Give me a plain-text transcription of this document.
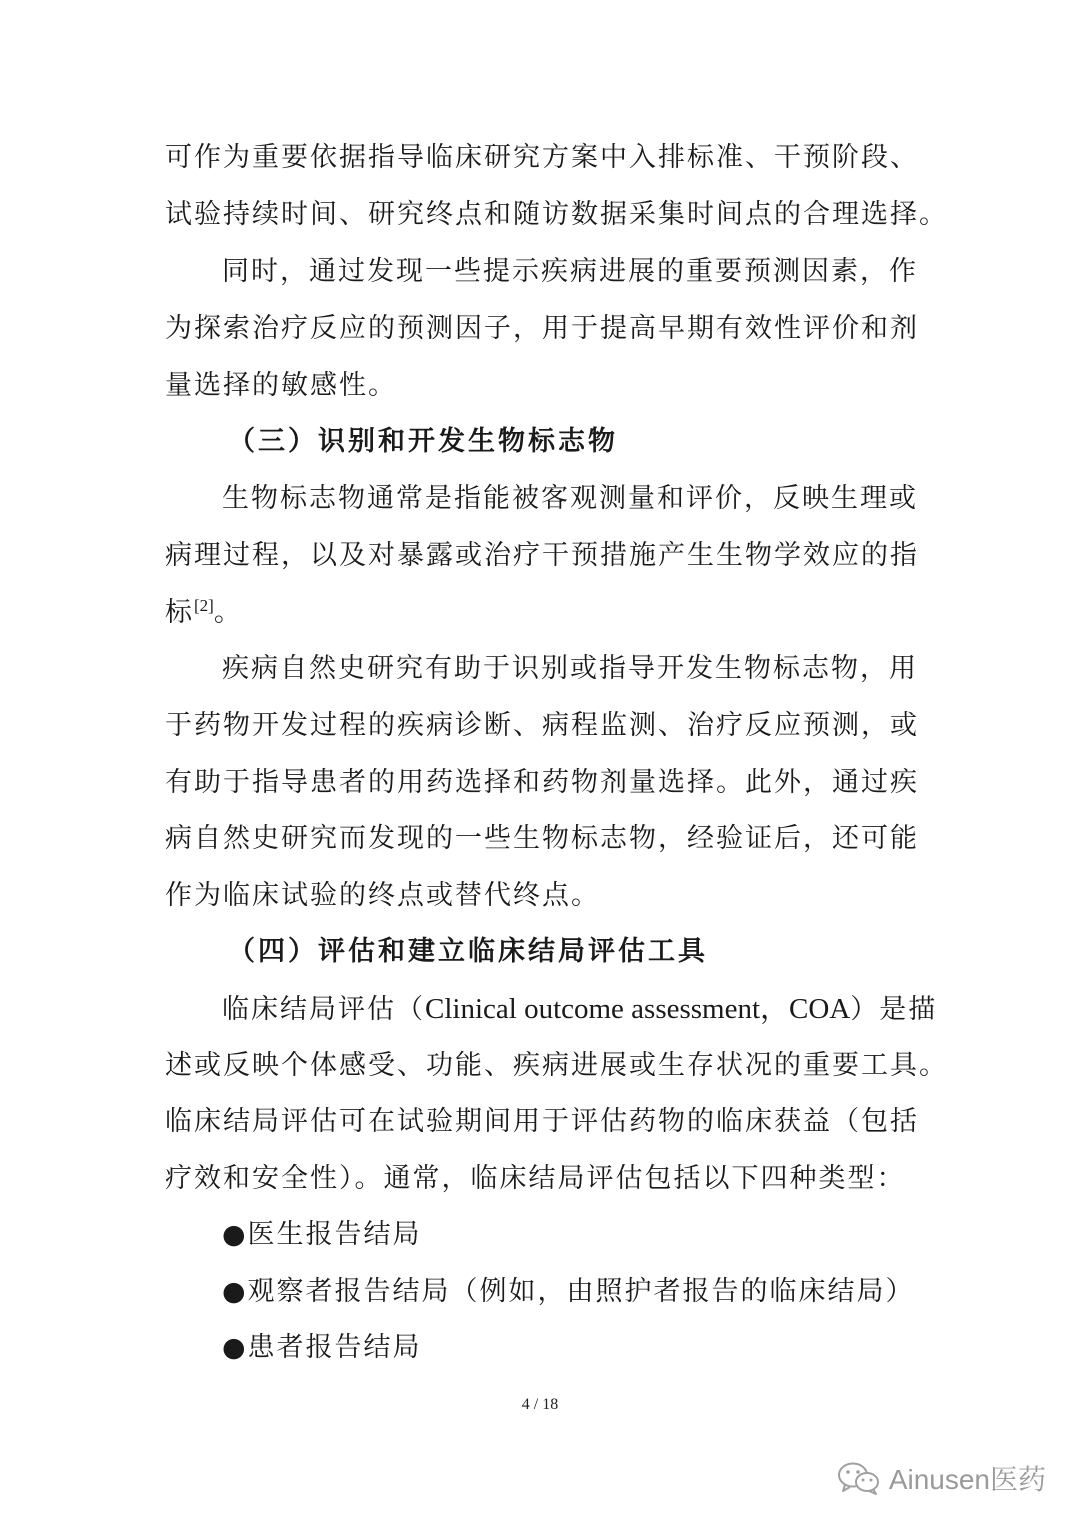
可作为重要依据指导临床研究方案中入排标准、干预阶段、
试验持续时间、研究终点和随访数据采集时间点的合理选择。
同时，通过发现一些提示疾病进展的重要预测因素，作
为探索治疗反应的预测因子，用于提高早期有效性评价和剂
量选择的敏感性。
（三）识别和开发生物标志物
生物标志物通常是指能被客观测量和评价，反映生理或
病理过程，以及对暴露或治疗干预措施产生生物学效应的指
标[2]。
疾病自然史研究有助于识别或指导开发生物标志物，用
于药物开发过程的疾病诊断、病程监测、治疗反应预测，或
有助于指导患者的用药选择和药物剂量选择。此外，通过疾
病自然史研究而发现的一些生物标志物，经验证后，还可能
作为临床试验的终点或替代终点。
（四）评估和建立临床结局评估工具
临床结局评估（Clinical outcome assessment，COA）是描
述或反映个体感受、功能、疾病进展或生存状况的重要工具。
临床结局评估可在试验期间用于评估药物的临床获益（包括
疗效和安全性）。通常，临床结局评估包括以下四种类型：
●医生报告结局
●观察者报告结局（例如，由照护者报告的临床结局）
●患者报告结局
4 / 18
Ainusen医药
